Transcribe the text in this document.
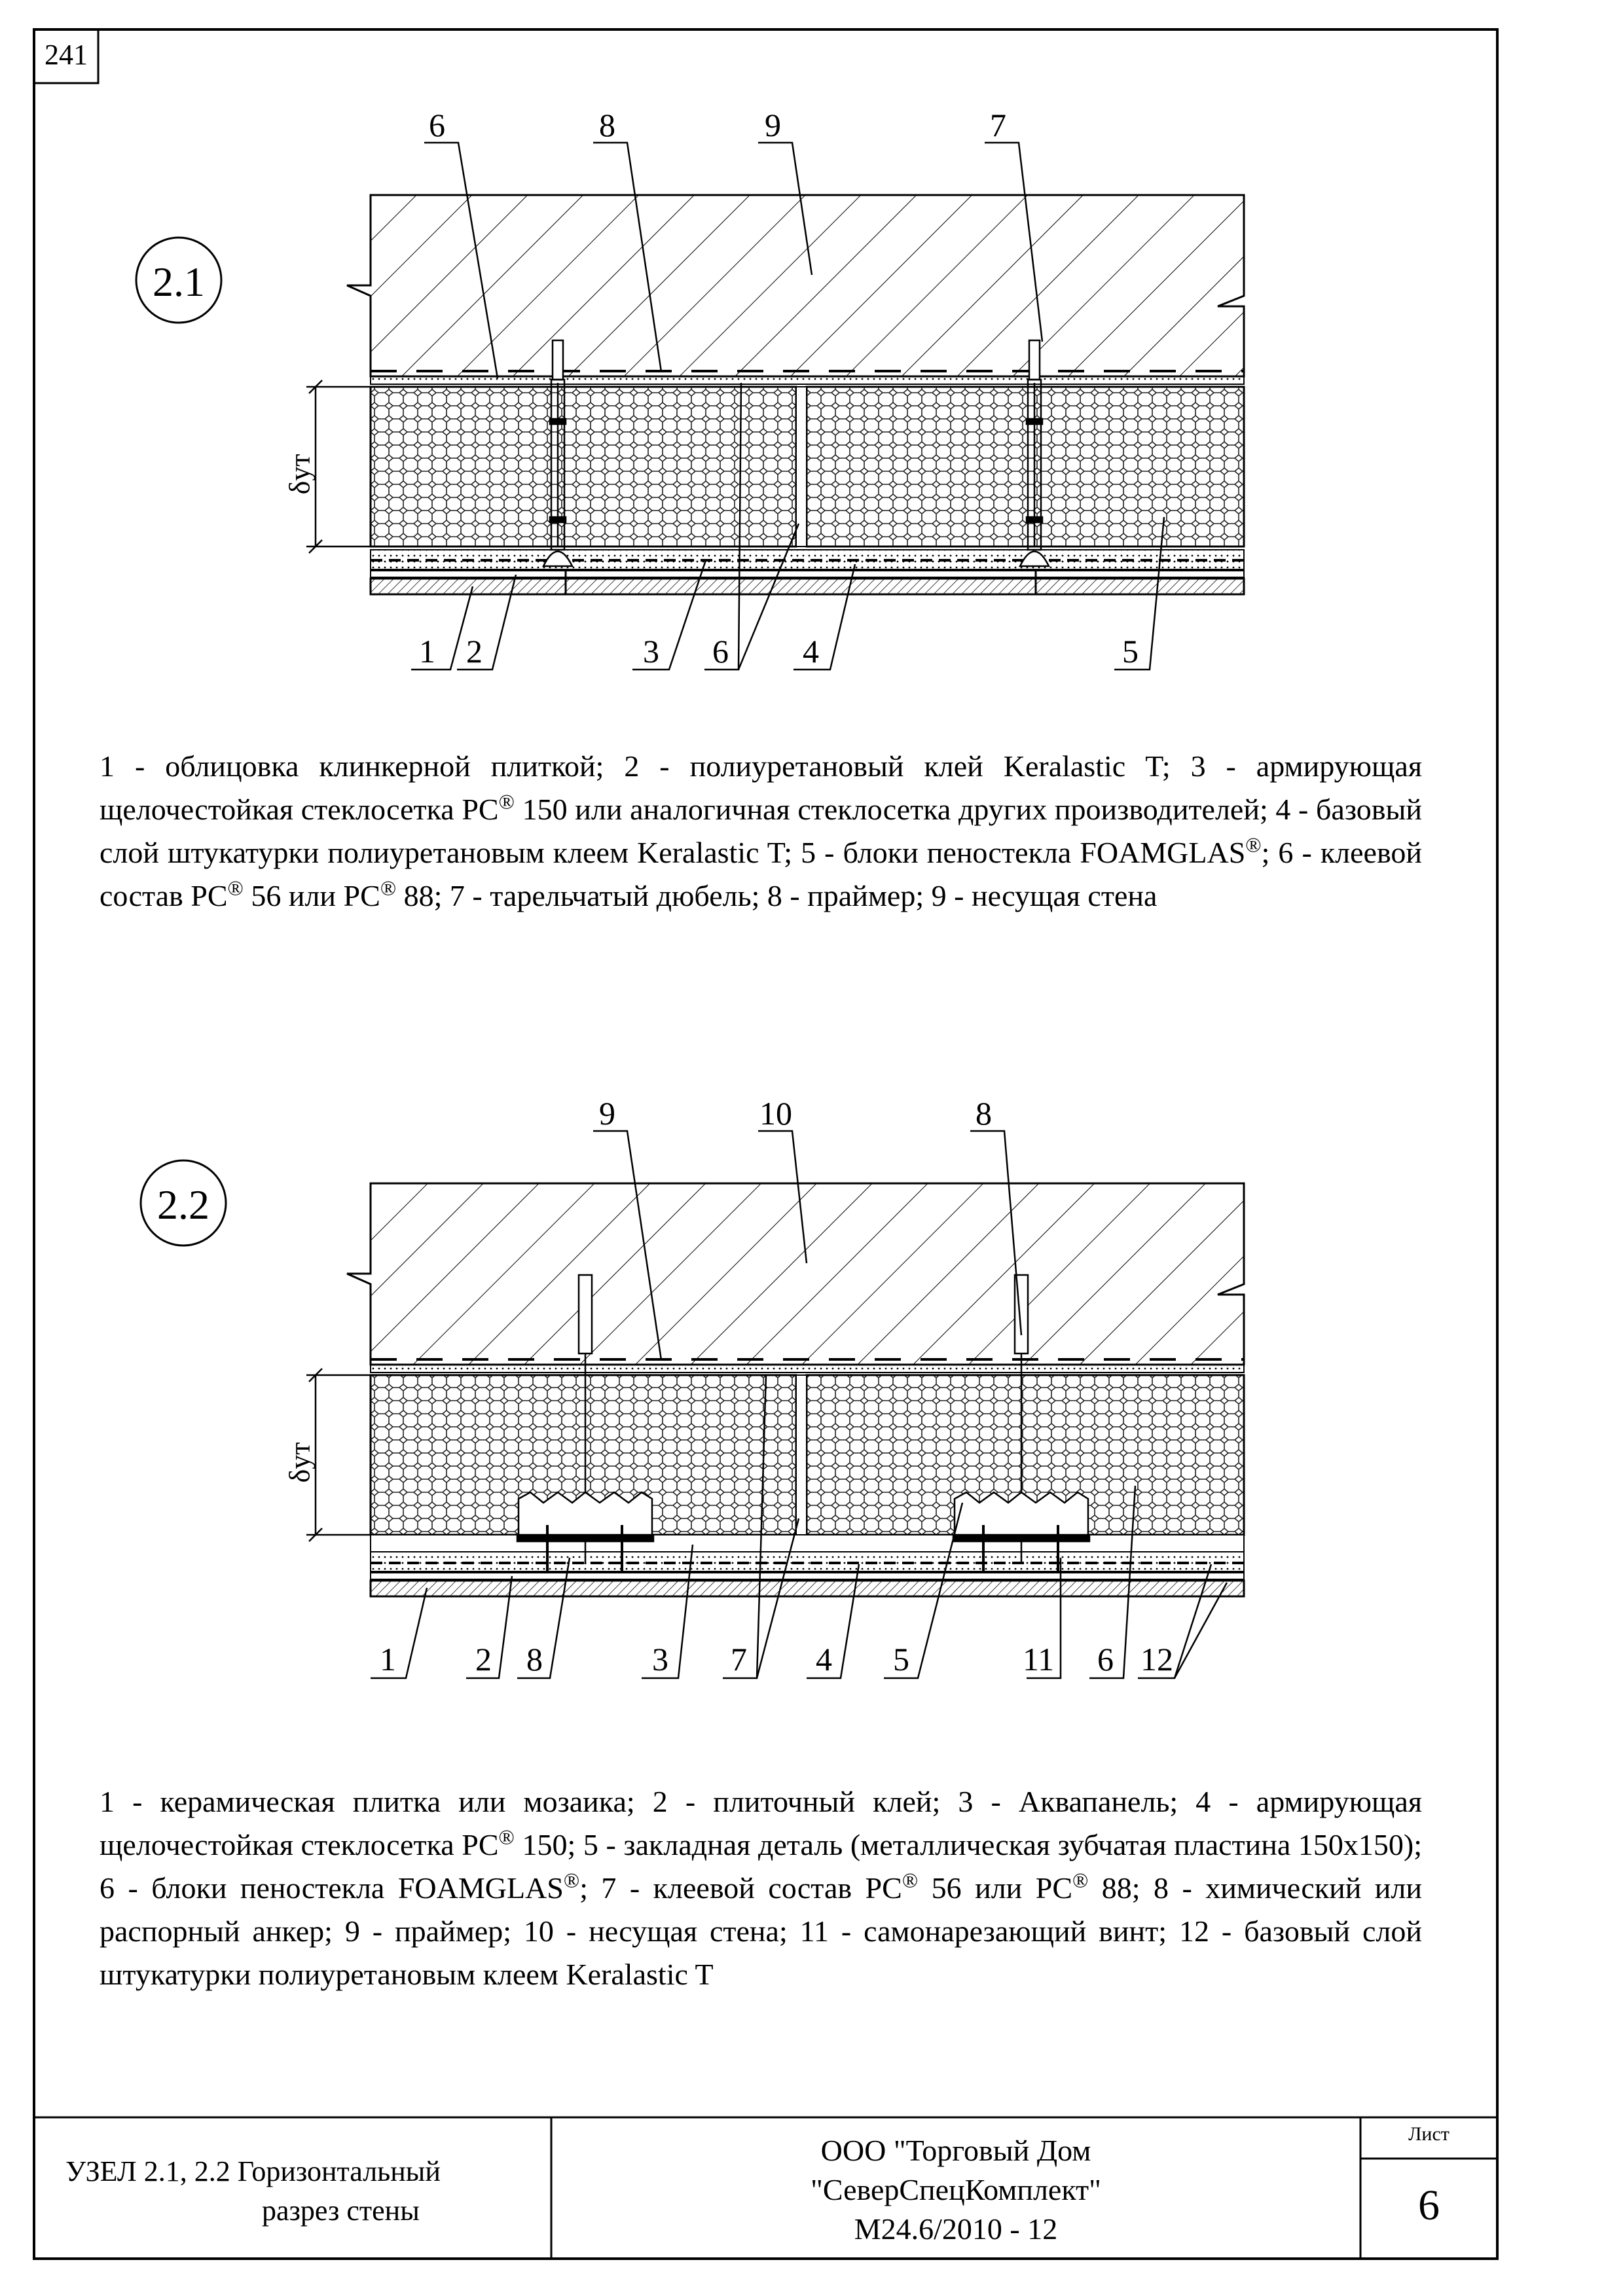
241
2.1
2.2
δут
δут
6	8	9	7
1 2	3 6 4	5

1 - облицовка клинкерной плиткой; 2 - полиуретановый клей Keralastic T; 3 - армирующая щелочестойкая стеклосетка PC® 150 или аналогичная стеклосетка других производителей; 4 - базовый слой штукатурки полиуретановым клеем Keralastic T; 5 - блоки пеностекла FOAMGLAS®; 6 - клеевой состав PC® 56 или PC® 88; 7 - тарельчатый дюбель; 8 - праймер; 9 - несущая стена

9	10	8
1 2 8	3 7 4 5	11 6 12

1 - керамическая плитка или мозаика; 2 - плиточный клей; 3 - Аквапанель; 4 - армирующая щелочестойкая стеклосетка PC® 150; 5 - закладная деталь (металлическая зубчатая пластина 150х150); 6 - блоки пеностекла FOAMGLAS®; 7 - клеевой состав PC® 56 или PC® 88; 8 - химический или распорный анкер; 9 - праймер; 10 - несущая стена; 11 - самонарезающий винт; 12 - базовый слой штукатурки полиуретановым клеем Keralastic T

УЗЕЛ 2.1, 2.2 Горизонтальный
разрез стены
ООО "Торговый Дом
"СеверСпецКомплект"
М24.6/2010 - 12
Лист
6
